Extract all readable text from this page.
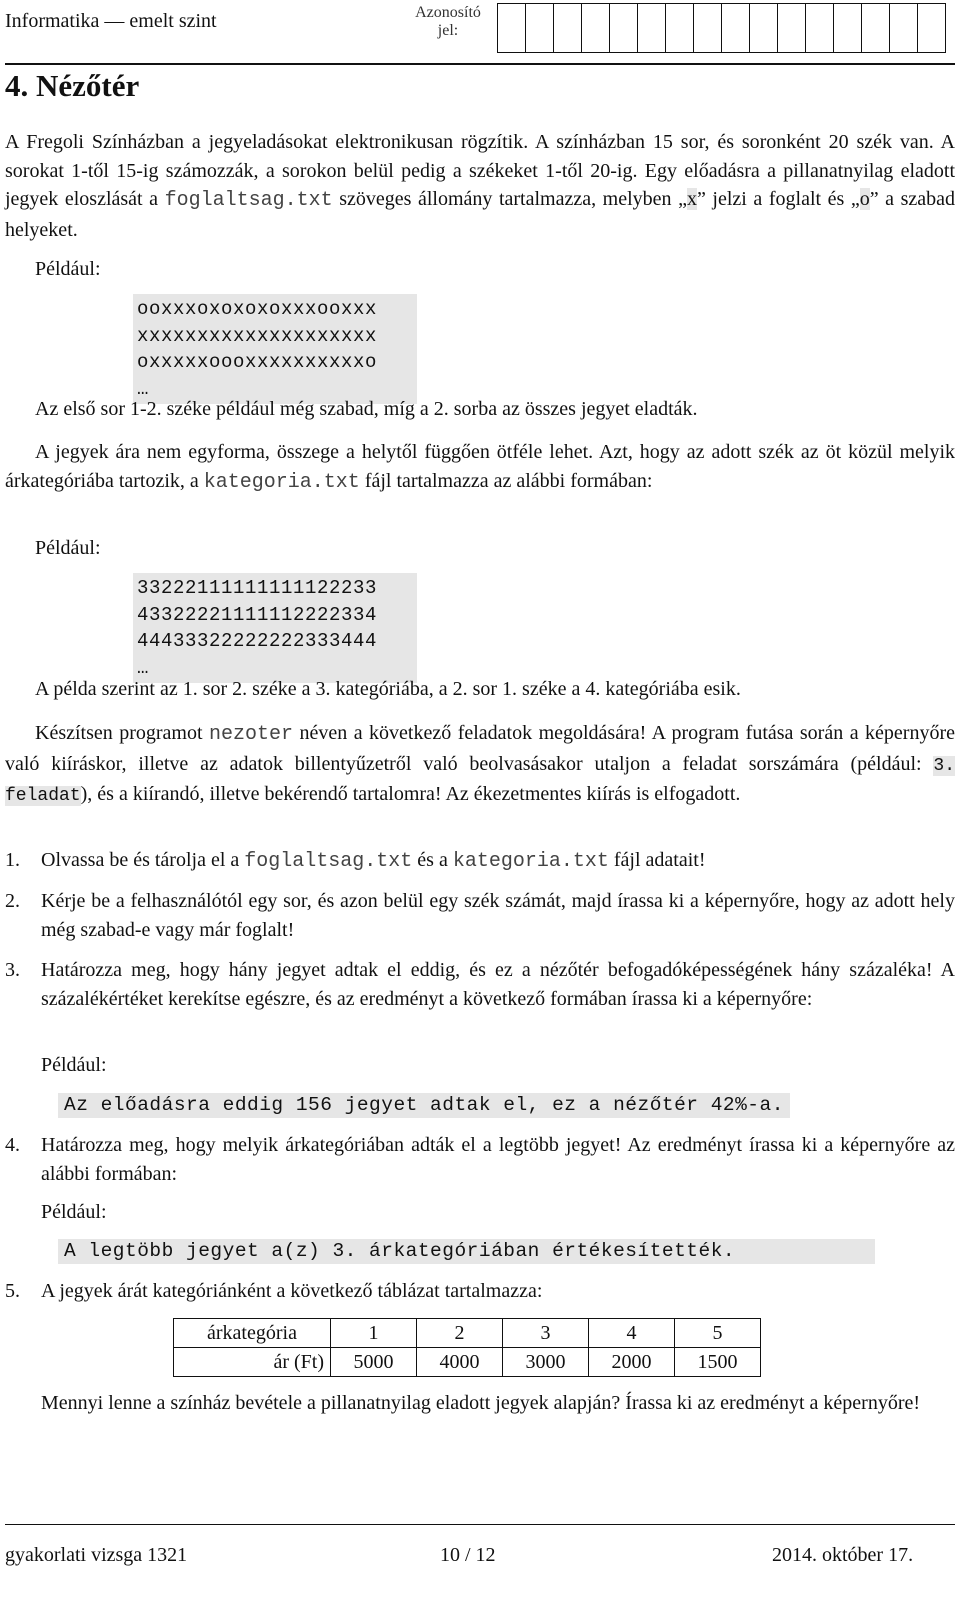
Informatika — emelt szint	Azonosító
jel:
4. Nézőtér
A Fregoli Színházban a jegyeladásokat elektronikusan rögzítik. A színházban 15 sor, és soronként 20 szék van. A sorokat 1-től 15-ig számozzák, a sorokon belül pedig a székeket 1-től 20-ig. Egy előadásra a pillanatnyilag eladott jegyek eloszlását a foglaltsag.txt szöveges állomány tartalmazza, melyben „x” jelzi a foglalt és „o” a szabad helyeket.
Például:
ooxxxoxoxoxoxxxooxxx
xxxxxxxxxxxxxxxxxxxx
oxxxxxoooxxxxxxxxxxo
…
Az első sor 1-2. széke például még szabad, míg a 2. sorba az összes jegyet eladták.
A jegyek ára nem egyforma, összege a helytől függően ötféle lehet. Azt, hogy az adott szék az öt közül melyik árkategóriába tartozik, a kategoria.txt fájl tartalmazza az alábbi formában:
Például:
33222111111111122233
43322221111112222334
44433322222222333444
…
A példa szerint az 1. sor 2. széke a 3. kategóriába, a 2. sor 1. széke a 4. kategóriába esik.
Készítsen programot nezoter néven a következő feladatok megoldására! A program futása során a képernyőre való kiíráskor, illetve az adatok billentyűzetről való beolvasásakor utaljon a feladat sorszámára (például: 3. feladat), és a kiírandó, illetve bekérendő tartalomra! Az ékezetmentes kiírás is elfogadott.
1. Olvassa be és tárolja el a foglaltsag.txt és a kategoria.txt fájl adatait!
2. Kérje be a felhasználótól egy sor, és azon belül egy szék számát, majd írassa ki a képernyőre, hogy az adott hely még szabad-e vagy már foglalt!
3. Határozza meg, hogy hány jegyet adtak el eddig, és ez a nézőtér befogadóképességének hány százaléka! A százalékértéket kerekítse egészre, és az eredményt a következő formában írassa ki a képernyőre:
Például:
Az előadásra eddig 156 jegyet adtak el, ez a nézőtér 42%-a.
4. Határozza meg, hogy melyik árkategóriában adták el a legtöbb jegyet! Az eredményt írassa ki a képernyőre az alábbi formában:
Például:
A legtöbb jegyet a(z) 3. árkategóriában értékesítették.
5. A jegyek árát kategóriánként a következő táblázat tartalmazza:
árkategória	1	2	3	4	5
ár (Ft)	5000	4000	3000	2000	1500
Mennyi lenne a színház bevétele a pillanatnyilag eladott jegyek alapján? Írassa ki az eredményt a képernyőre!
gyakorlati vizsga 1321	10 / 12	2014. október 17.
